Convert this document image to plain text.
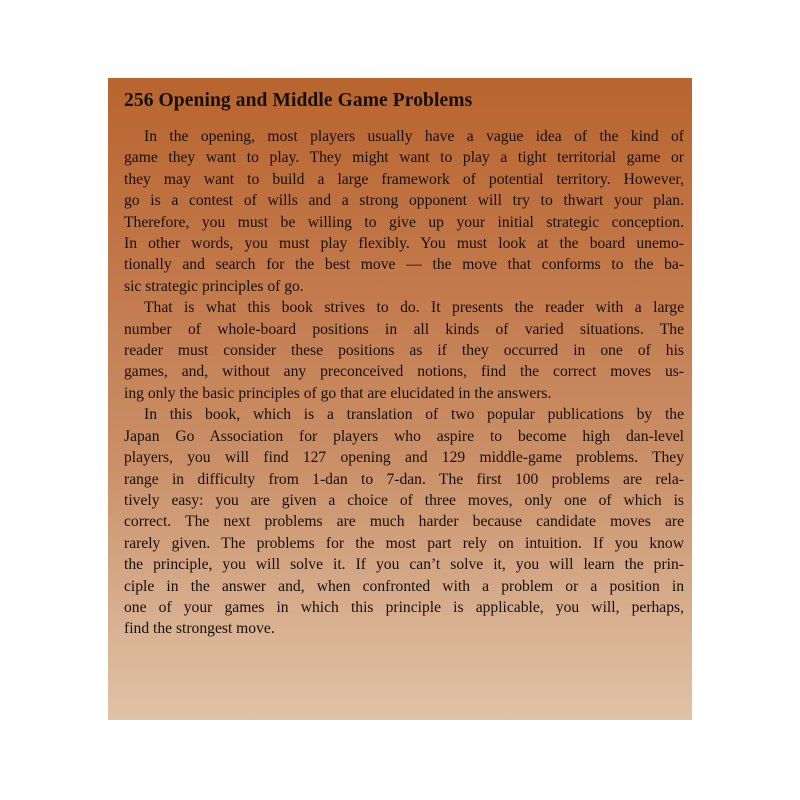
256 Opening and Middle Game Problems
In the opening, most players usually have a vague idea of the kind of
game they want to play. They might want to play a tight territorial game or
they may want to build a large framework of potential territory. However,
go is a contest of wills and a strong opponent will try to thwart your plan.
Therefore, you must be willing to give up your initial strategic conception.
In other words, you must play flexibly. You must look at the board unemo-
tionally and search for the best move — the move that conforms to the ba-
sic strategic principles of go.
That is what this book strives to do. It presents the reader with a large
number of whole-board positions in all kinds of varied situations. The
reader must consider these positions as if they occurred in one of his
games, and, without any preconceived notions, find the correct moves us-
ing only the basic principles of go that are elucidated in the answers.
In this book, which is a translation of two popular publications by the
Japan Go Association for players who aspire to become high dan-level
players, you will find 127 opening and 129 middle-game problems. They
range in difficulty from 1-dan to 7-dan. The first 100 problems are rela-
tively easy: you are given a choice of three moves, only one of which is
correct. The next problems are much harder because candidate moves are
rarely given. The problems for the most part rely on intuition. If you know
the principle, you will solve it. If you can’t solve it, you will learn the prin-
ciple in the answer and, when confronted with a problem or a position in
one of your games in which this principle is applicable, you will, perhaps,
find the strongest move.
